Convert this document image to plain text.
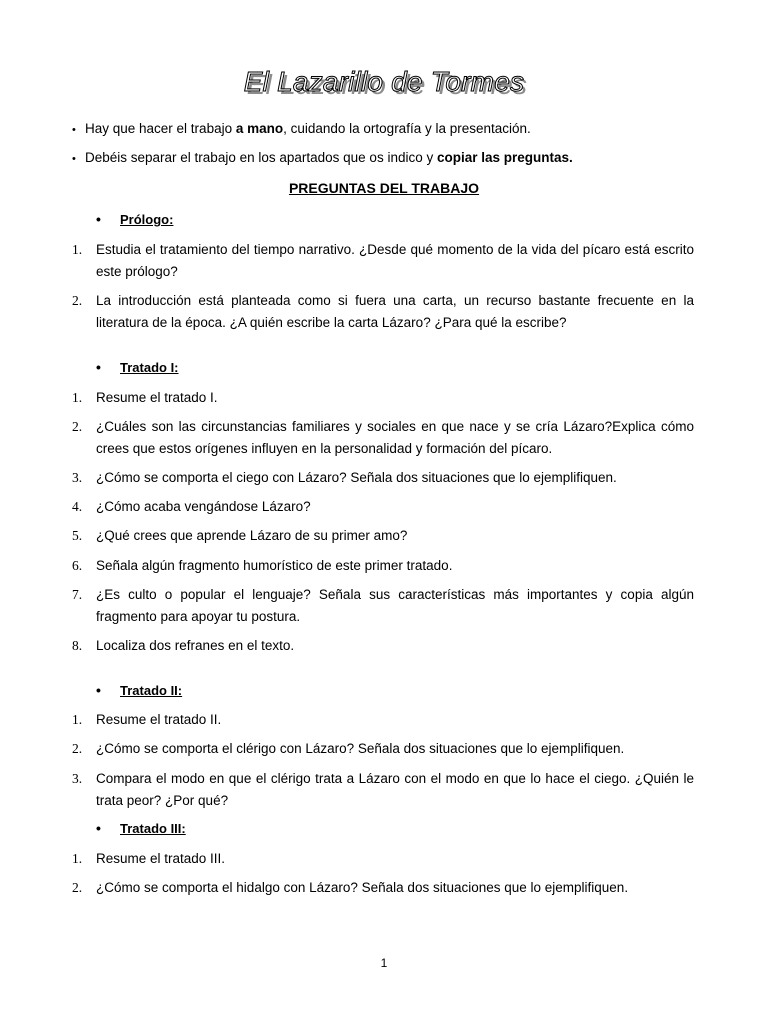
El Lazarillo de Tormes
• Hay que hacer el trabajo a mano, cuidando la ortografía y la presentación.
• Debéis separar el trabajo en los apartados que os indico y copiar las preguntas.
PREGUNTAS DEL TRABAJO
• Prólogo:
1. Estudia el tratamiento del tiempo narrativo. ¿Desde qué momento de la vida del pícaro está escrito este prólogo?
2. La introducción está planteada como si fuera una carta, un recurso bastante frecuente en la literatura de la época. ¿A quién escribe la carta Lázaro? ¿Para qué la escribe?
• Tratado I:
1. Resume el tratado I.
2. ¿Cuáles son las circunstancias familiares y sociales en que nace y se cría Lázaro?Explica cómo crees que estos orígenes influyen en la personalidad y formación del pícaro.
3. ¿Cómo se comporta el ciego con Lázaro? Señala dos situaciones que lo ejemplifiquen.
4. ¿Cómo acaba vengándose Lázaro?
5. ¿Qué crees que aprende Lázaro de su primer amo?
6. Señala algún fragmento humorístico de este primer tratado.
7. ¿Es culto o popular el lenguaje? Señala sus características más importantes y copia algún fragmento para apoyar tu postura.
8. Localiza dos refranes en el texto.
• Tratado II:
1. Resume el tratado II.
2. ¿Cómo se comporta el clérigo con Lázaro? Señala dos situaciones que lo ejemplifiquen.
3. Compara el modo en que el clérigo trata a Lázaro con el modo en que lo hace el ciego. ¿Quién le trata peor? ¿Por qué?
• Tratado III:
1. Resume el tratado III.
2. ¿Cómo se comporta el hidalgo con Lázaro? Señala dos situaciones que lo ejemplifiquen.
1
